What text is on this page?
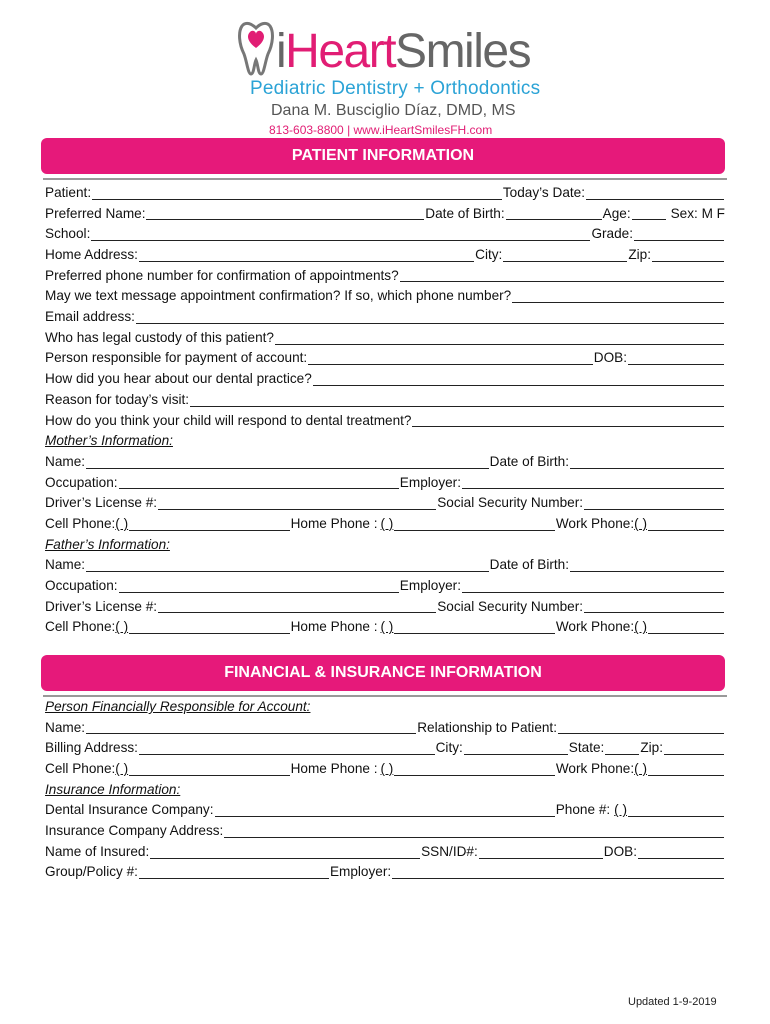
iHeartSmiles
Pediatric Dentistry + Orthodontics
Dana M. Busciglio Díaz, DMD, MS
813-603-8800 | www.iHeartSmilesFH.com
PATIENT INFORMATION
Patient:	Today’s Date:
Preferred Name:	Date of Birth:	Age:	Sex: M F
School:	Grade:
Home Address:	City:	Zip:
Preferred phone number for confirmation of appointments?
May we text message appointment confirmation? If so, which phone number?
Email address:
Who has legal custody of this patient?
Person responsible for payment of account:	DOB:
How did you hear about our dental practice?
Reason for today’s visit:
How do you think your child will respond to dental treatment?
Mother’s Information:
Name:	Date of Birth:
Occupation:	Employer:
Driver’s License #:	Social Security Number:
Cell Phone: ( )	Home Phone : ( )	Work Phone: ( )
Father’s Information:
Name:	Date of Birth:
Occupation:	Employer:
Driver’s License #:	Social Security Number:
Cell Phone: ( )	Home Phone : ( )	Work Phone: ( )
FINANCIAL & INSURANCE INFORMATION
Person Financially Responsible for Account:
Name:	Relationship to Patient:
Billing Address:	City:	State:	Zip:
Cell Phone: ( )	Home Phone : ( )	Work Phone: ( )
Insurance Information:
Dental Insurance Company:	Phone #: ( )
Insurance Company Address:
Name of Insured:	SSN/ID#:	DOB:
Group/Policy #:	Employer:
Updated 1-9-2019
